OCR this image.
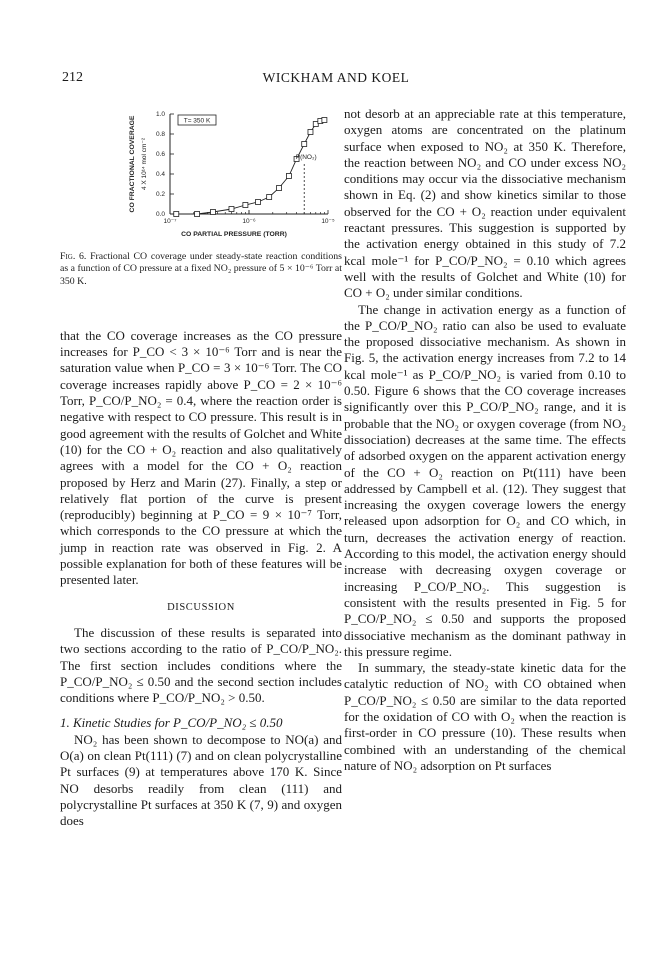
212	WICKHAM AND KOEL
0.0
0.2
0.4
0.6
0.8
1.0
10⁻⁷	10⁻⁶	10⁻⁵
CO PARTIAL PRESSURE (TORR)
CO FRACTIONAL COVERAGE 4 X 10¹⁴ mol cm⁻²
T= 350 K
P(NO₂)
Fig. 6. Fractional CO coverage under steady-state reaction conditions as a function of CO pressure at a fixed NO₂ pressure of 5 × 10⁻⁶ Torr at 350 K.

that the CO coverage increases as the CO pressure increases for P_CO < 3 × 10⁻⁶ Torr and is near the saturation value when P_CO = 3 × 10⁻⁶ Torr. The CO coverage increases rapidly above P_CO = 2 × 10⁻⁶ Torr, P_CO/P_NO₂ = 0.4, where the reaction order is negative with respect to CO pressure. This result is in good agreement with the results of Golchet and White (10) for the CO + O₂ reaction and also qualitatively agrees with a model for the CO + O₂ reaction proposed by Herz and Marin (27). Finally, a step or relatively flat portion of the curve is present (reproducibly) beginning at P_CO = 9 × 10⁻⁷ Torr, which corresponds to the CO pressure at which the jump in reaction rate was observed in Fig. 2. A possible explanation for both of these features will be presented later.

DISCUSSION

The discussion of these results is separated into two sections according to the ratio of P_CO/P_NO₂. The first section includes conditions where the P_CO/P_NO₂ ≤ 0.50 and the second section includes conditions where P_CO/P_NO₂ > 0.50.

1. Kinetic Studies for P_CO/P_NO₂ ≤ 0.50

NO₂ has been shown to decompose to NO(a) and O(a) on clean Pt(111) (7) and on clean polycrystalline Pt surfaces (9) at temperatures above 170 K. Since NO desorbs readily from clean (111) and polycrystalline Pt surfaces at 350 K (7, 9) and oxygen does

not desorb at an appreciable rate at this temperature, oxygen atoms are concentrated on the platinum surface when exposed to NO₂ at 350 K. Therefore, the reaction between NO₂ and CO under excess NO₂ conditions may occur via the dissociative mechanism shown in Eq. (2) and show kinetics similar to those observed for the CO + O₂ reaction under equivalent reactant pressures. This suggestion is supported by the activation energy obtained in this study of 7.2 kcal mole⁻¹ for P_CO/P_NO₂ = 0.10 which agrees well with the results of Golchet and White (10) for CO + O₂ under similar conditions.

The change in activation energy as a function of the P_CO/P_NO₂ ratio can also be used to evaluate the proposed dissociative mechanism. As shown in Fig. 5, the activation energy increases from 7.2 to 14 kcal mole⁻¹ as P_CO/P_NO₂ is varied from 0.10 to 0.50. Figure 6 shows that the CO coverage increases significantly over this P_CO/P_NO₂ range, and it is probable that the NO₂ or oxygen coverage (from NO₂ dissociation) decreases at the same time. The effects of adsorbed oxygen on the apparent activation energy of the CO + O₂ reaction on Pt(111) have been addressed by Campbell et al. (12). They suggest that increasing the oxygen coverage lowers the energy released upon adsorption for O₂ and CO which, in turn, decreases the activation energy of reaction. According to this model, the activation energy should increase with decreasing oxygen coverage or increasing P_CO/P_NO₂. This suggestion is consistent with the results presented in Fig. 5 for P_CO/P_NO₂ ≤ 0.50 and supports the proposed dissociative mechanism as the dominant pathway in this pressure regime.

In summary, the steady-state kinetic data for the catalytic reduction of NO₂ with CO obtained when P_CO/P_NO₂ ≤ 0.50 are similar to the data reported for the oxidation of CO with O₂ when the reaction is first-order in CO pressure (10). These results when combined with an understanding of the chemical nature of NO₂ adsorption on Pt surfaces
